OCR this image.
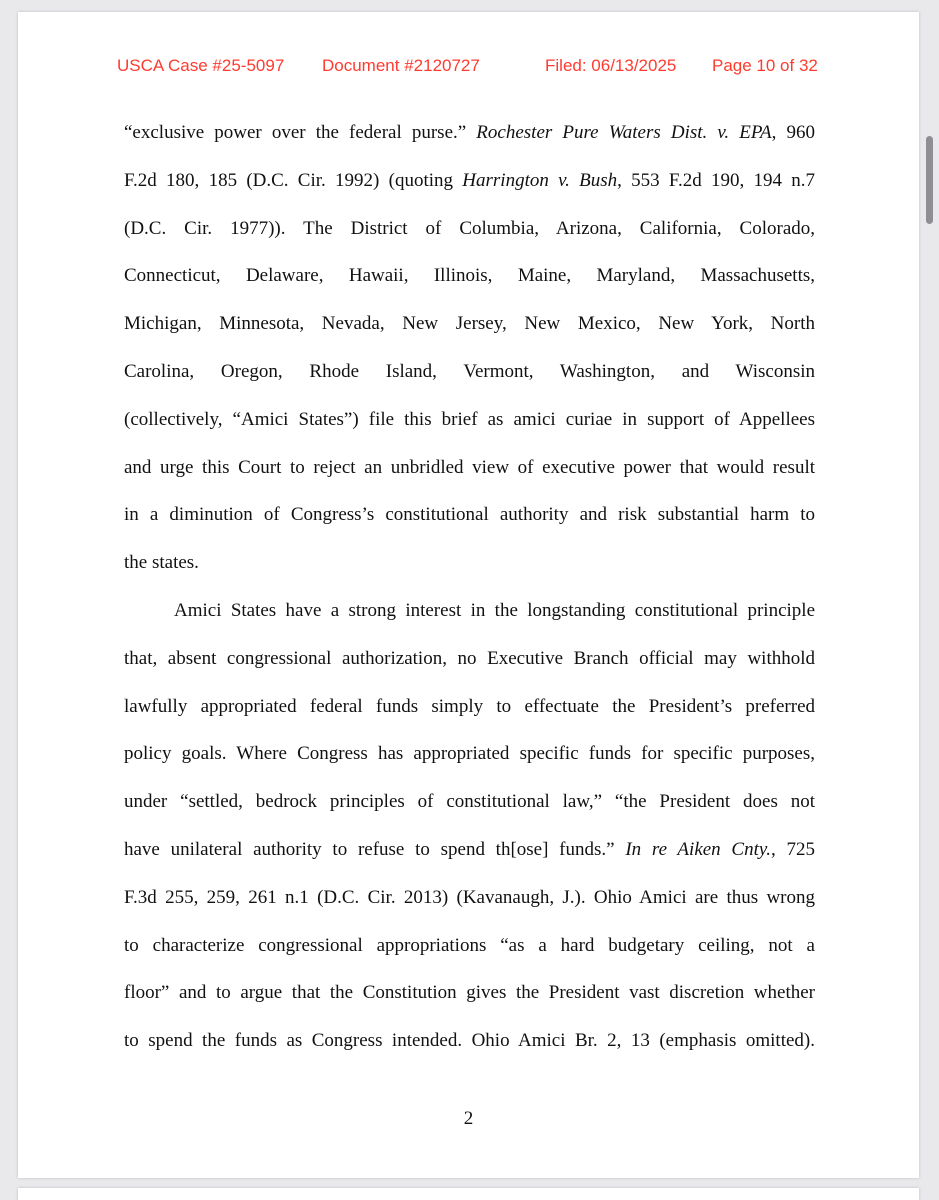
USCA Case #25-5097 Document #2120727	Filed: 06/13/2025 Page 10 of 32
“exclusive power over the federal purse.” Rochester Pure Waters Dist. v. EPA, 960
F.2d 180, 185 (D.C. Cir. 1992) (quoting Harrington v. Bush, 553 F.2d 190, 194 n.7
(D.C. Cir. 1977)). The District of Columbia, Arizona, California, Colorado,
Connecticut, Delaware, Hawaii, Illinois, Maine, Maryland, Massachusetts,
Michigan, Minnesota, Nevada, New Jersey, New Mexico, New York, North
Carolina, Oregon, Rhode Island, Vermont, Washington, and Wisconsin
(collectively, “Amici States”) file this brief as amici curiae in support of Appellees
and urge this Court to reject an unbridled view of executive power that would result
in a diminution of Congress’s constitutional authority and risk substantial harm to
the states.
Amici States have a strong interest in the longstanding constitutional principle
that, absent congressional authorization, no Executive Branch official may withhold
lawfully appropriated federal funds simply to effectuate the President’s preferred
policy goals. Where Congress has appropriated specific funds for specific purposes,
under “settled, bedrock principles of constitutional law,” “the President does not
have unilateral authority to refuse to spend th[ose] funds.” In re Aiken Cnty., 725
F.3d 255, 259, 261 n.1 (D.C. Cir. 2013) (Kavanaugh, J.). Ohio Amici are thus wrong
to characterize congressional appropriations “as a hard budgetary ceiling, not a
floor” and to argue that the Constitution gives the President vast discretion whether
to spend the funds as Congress intended. Ohio Amici Br. 2, 13 (emphasis omitted).
2
